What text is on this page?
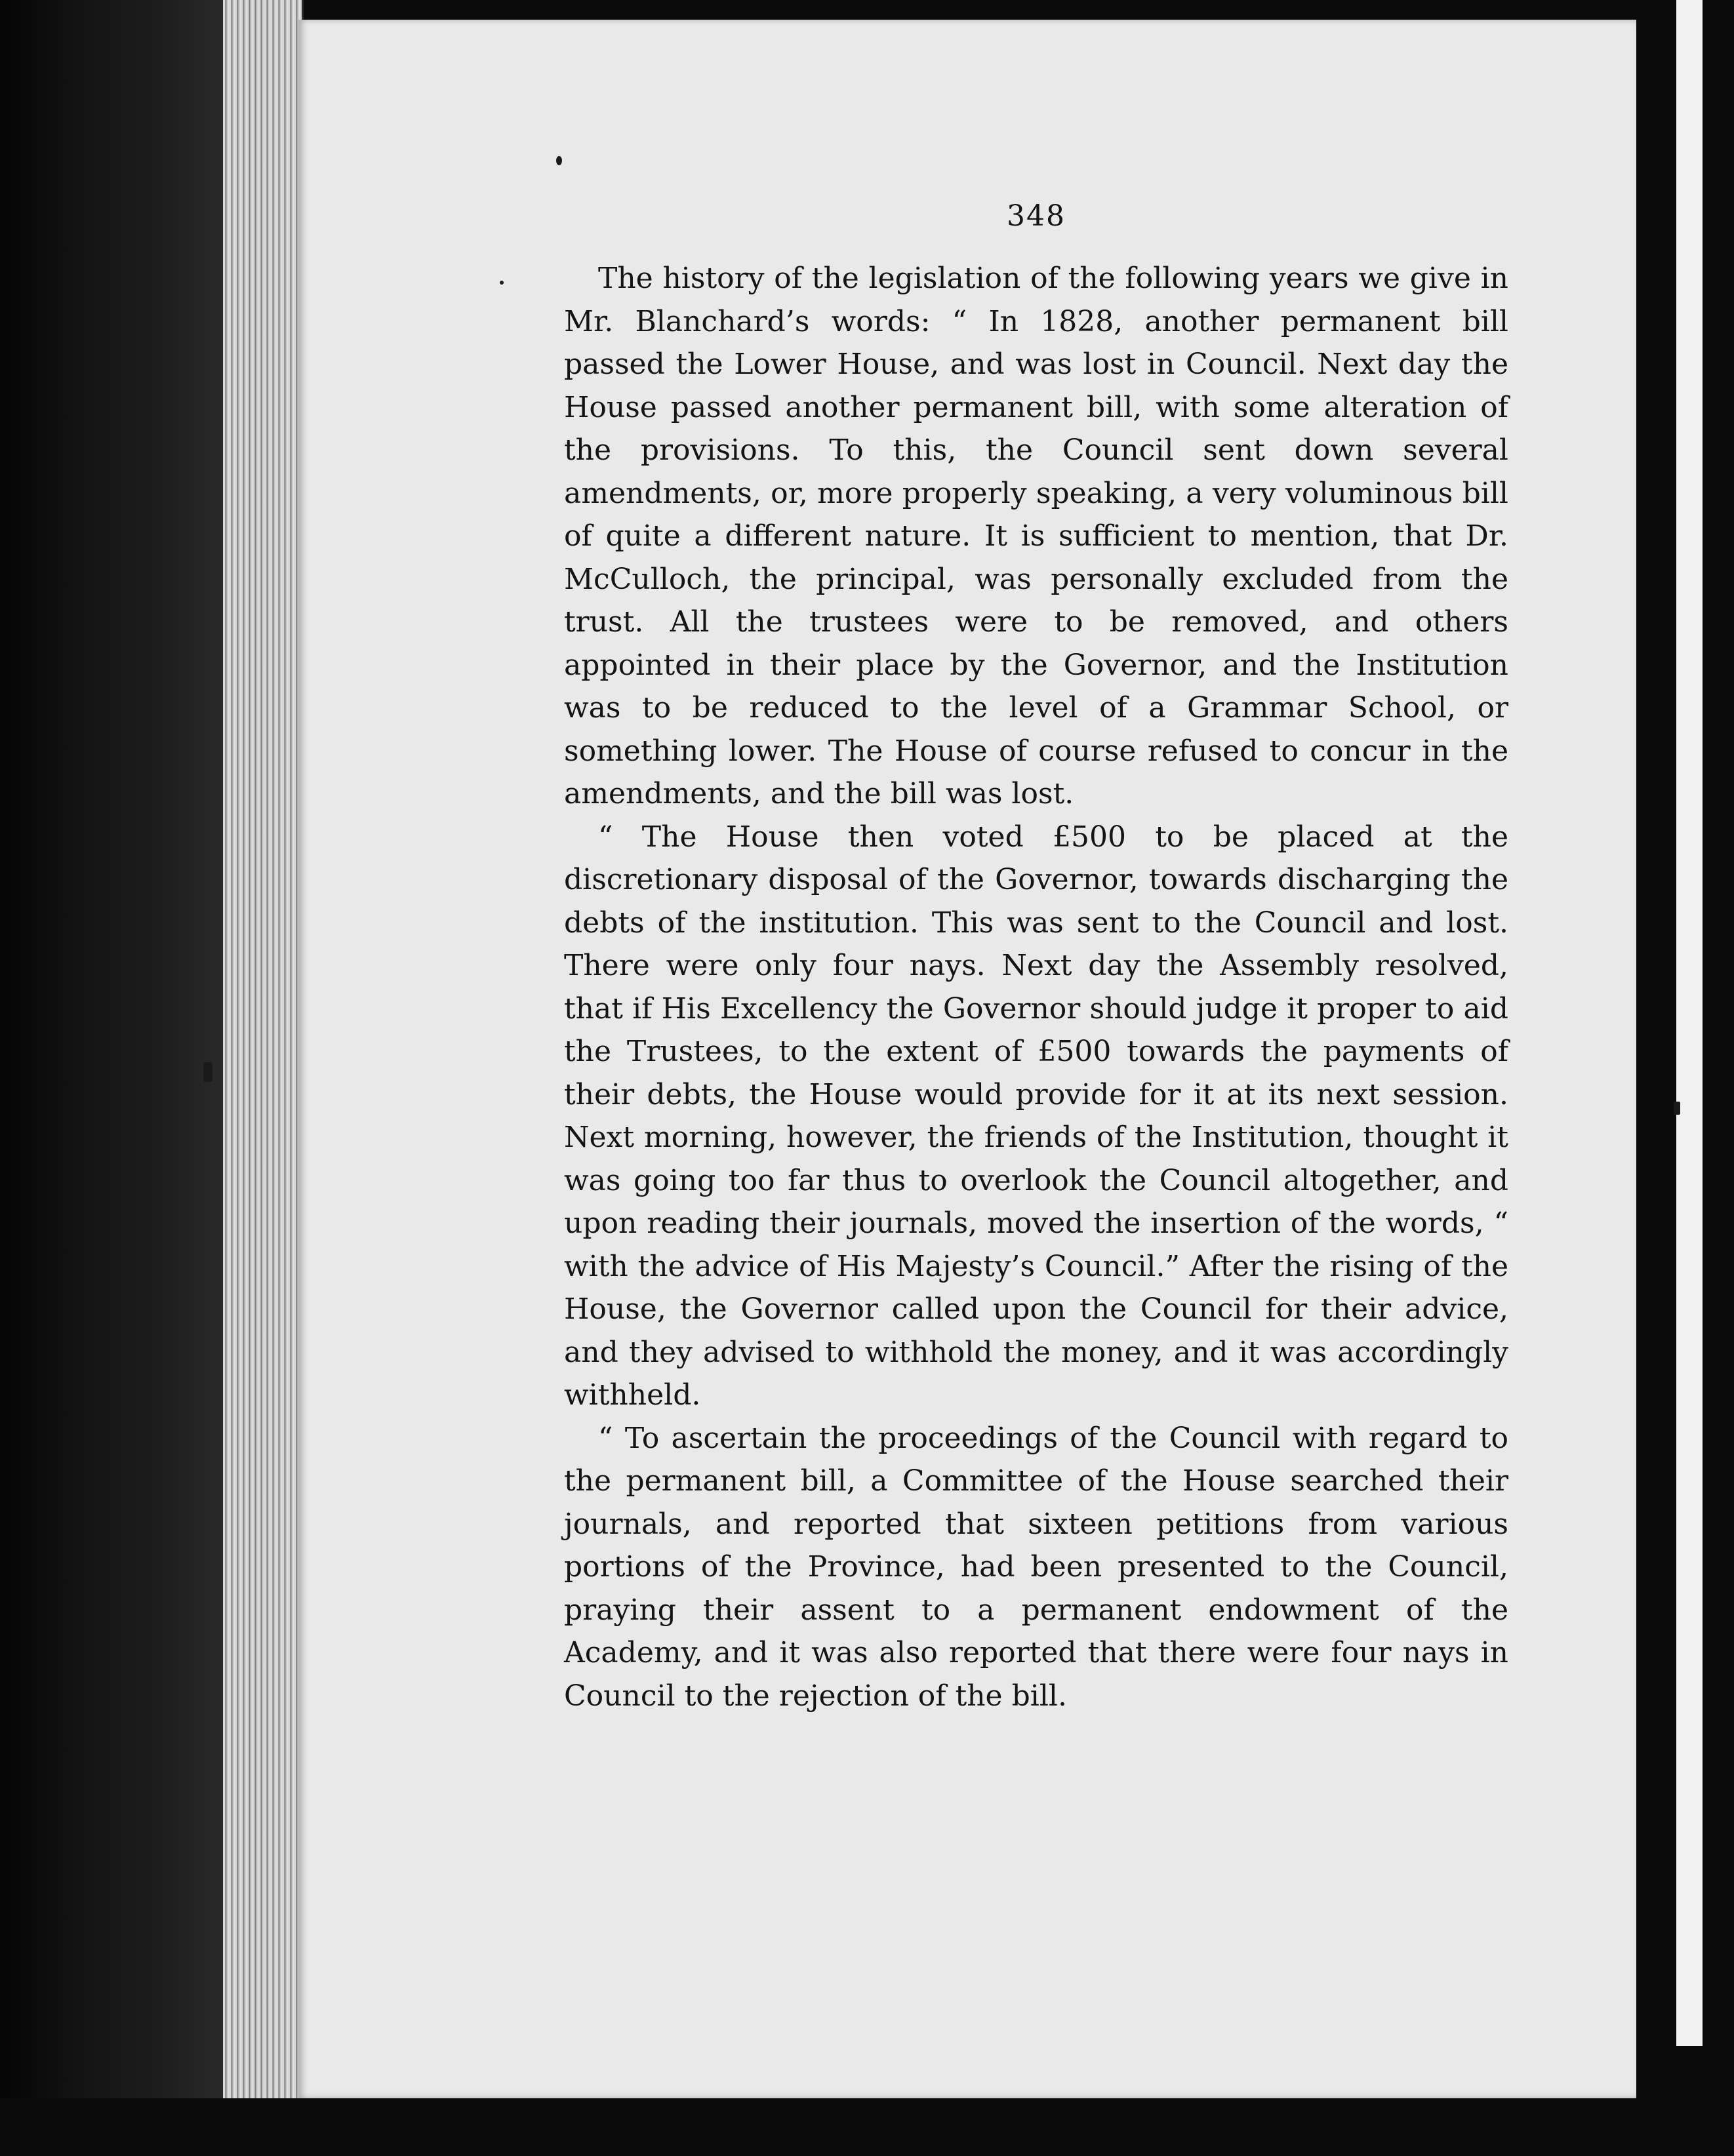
348

The history of the legislation of the following years we give in Mr. Blanchard’s words: “ In 1828, another permanent bill passed the Lower House, and was lost in Council. Next day the House passed another permanent bill, with some alteration of the provisions. To this, the Council sent down several amendments, or, more properly speaking, a very voluminous bill of quite a different nature. It is sufficient to mention, that Dr. McCulloch, the principal, was personally excluded from the trust. All the trustees were to be removed, and others appointed in their place by the Governor, and the Institution was to be reduced to the level of a Grammar School, or something lower. The House of course refused to concur in the amendments, and the bill was lost.

“ The House then voted £500 to be placed at the discretionary disposal of the Governor, towards discharging the debts of the institution. This was sent to the Council and lost. There were only four nays. Next day the Assembly resolved, that if His Excellency the Governor should judge it proper to aid the Trustees, to the extent of £500 towards the payments of their debts, the House would provide for it at its next session. Next morning, however, the friends of the Institution, thought it was going too far thus to overlook the Council altogether, and upon reading their journals, moved the insertion of the words, “ with the advice of His Majesty’s Council.” After the rising of the House, the Governor called upon the Council for their advice, and they advised to withhold the money, and it was accordingly withheld.

“ To ascertain the proceedings of the Council with regard to the permanent bill, a Committee of the House searched their journals, and reported that sixteen petitions from various portions of the Province, had been presented to the Council, praying their assent to a permanent endowment of the Academy, and it was also reported that there were four nays in Council to the rejection of the bill.
